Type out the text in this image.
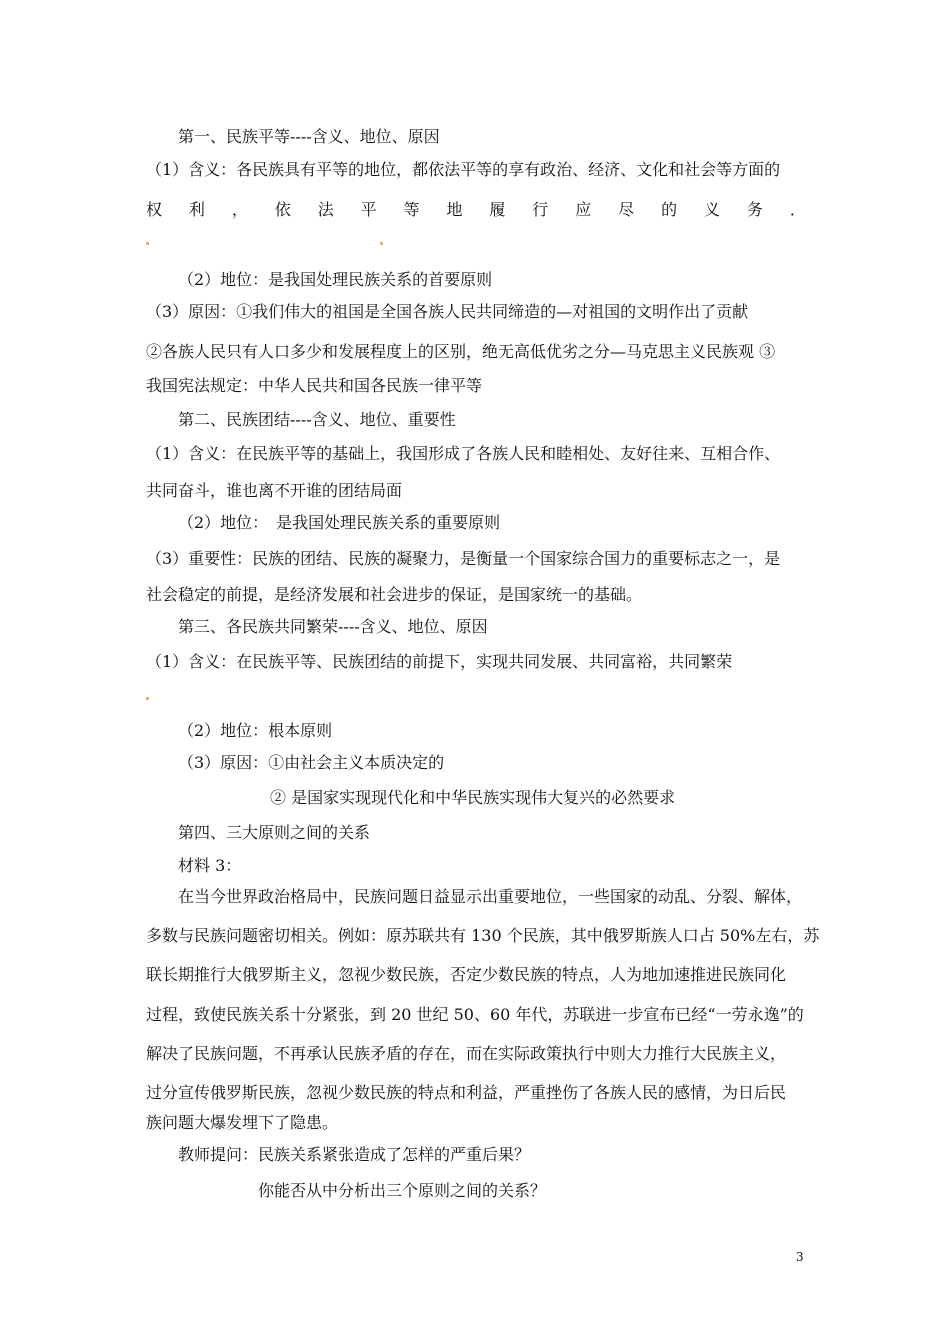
第一、民族平等----含义、地位、原因
（1）含义：各民族具有平等的地位，都依法平等的享有政治、经济、文化和社会等方面的
权 利 ， 依 法 平 等 地 履 行 应 尽 的 义 务 ．
（2）地位：是我国处理民族关系的首要原则
（3）原因：①我们伟大的祖国是全国各族人民共同缔造的—对祖国的文明作出了贡献
②各族人民只有人口多少和发展程度上的区别，绝无高低优劣之分—马克思主义民族观 ③
我国宪法规定：中华人民共和国各民族一律平等
第二、民族团结----含义、地位、重要性
（1）含义：在民族平等的基础上，我国形成了各族人民和睦相处、友好往来、互相合作、
共同奋斗，谁也离不开谁的团结局面
（2）地位：　是我国处理民族关系的重要原则
（3）重要性：民族的团结、民族的凝聚力，是衡量一个国家综合国力的重要标志之一，是
社会稳定的前提，是经济发展和社会进步的保证，是国家统一的基础。
第三、各民族共同繁荣----含义、地位、原因
（1）含义：在民族平等、民族团结的前提下，实现共同发展、共同富裕，共同繁荣
（2）地位：根本原则
（3）原因：①由社会主义本质决定的
② 是国家实现现代化和中华民族实现伟大复兴的必然要求
第四、三大原则之间的关系
材料 3：
在当今世界政治格局中，民族问题日益显示出重要地位，一些国家的动乱、分裂、解体，
多数与民族问题密切相关。例如：原苏联共有 130 个民族，其中俄罗斯族人口占 50%左右，苏
联长期推行大俄罗斯主义，忽视少数民族，否定少数民族的特点，人为地加速推进民族同化
过程，致使民族关系十分紧张，到 20 世纪 50、60 年代，苏联进一步宣布已经“一劳永逸”的
解决了民族问题，不再承认民族矛盾的存在，而在实际政策执行中则大力推行大民族主义，
过分宣传俄罗斯民族，忽视少数民族的特点和利益，严重挫伤了各族人民的感情，为日后民
族问题大爆发埋下了隐患。
教师提问：民族关系紧张造成了怎样的严重后果？
你能否从中分析出三个原则之间的关系？
3
